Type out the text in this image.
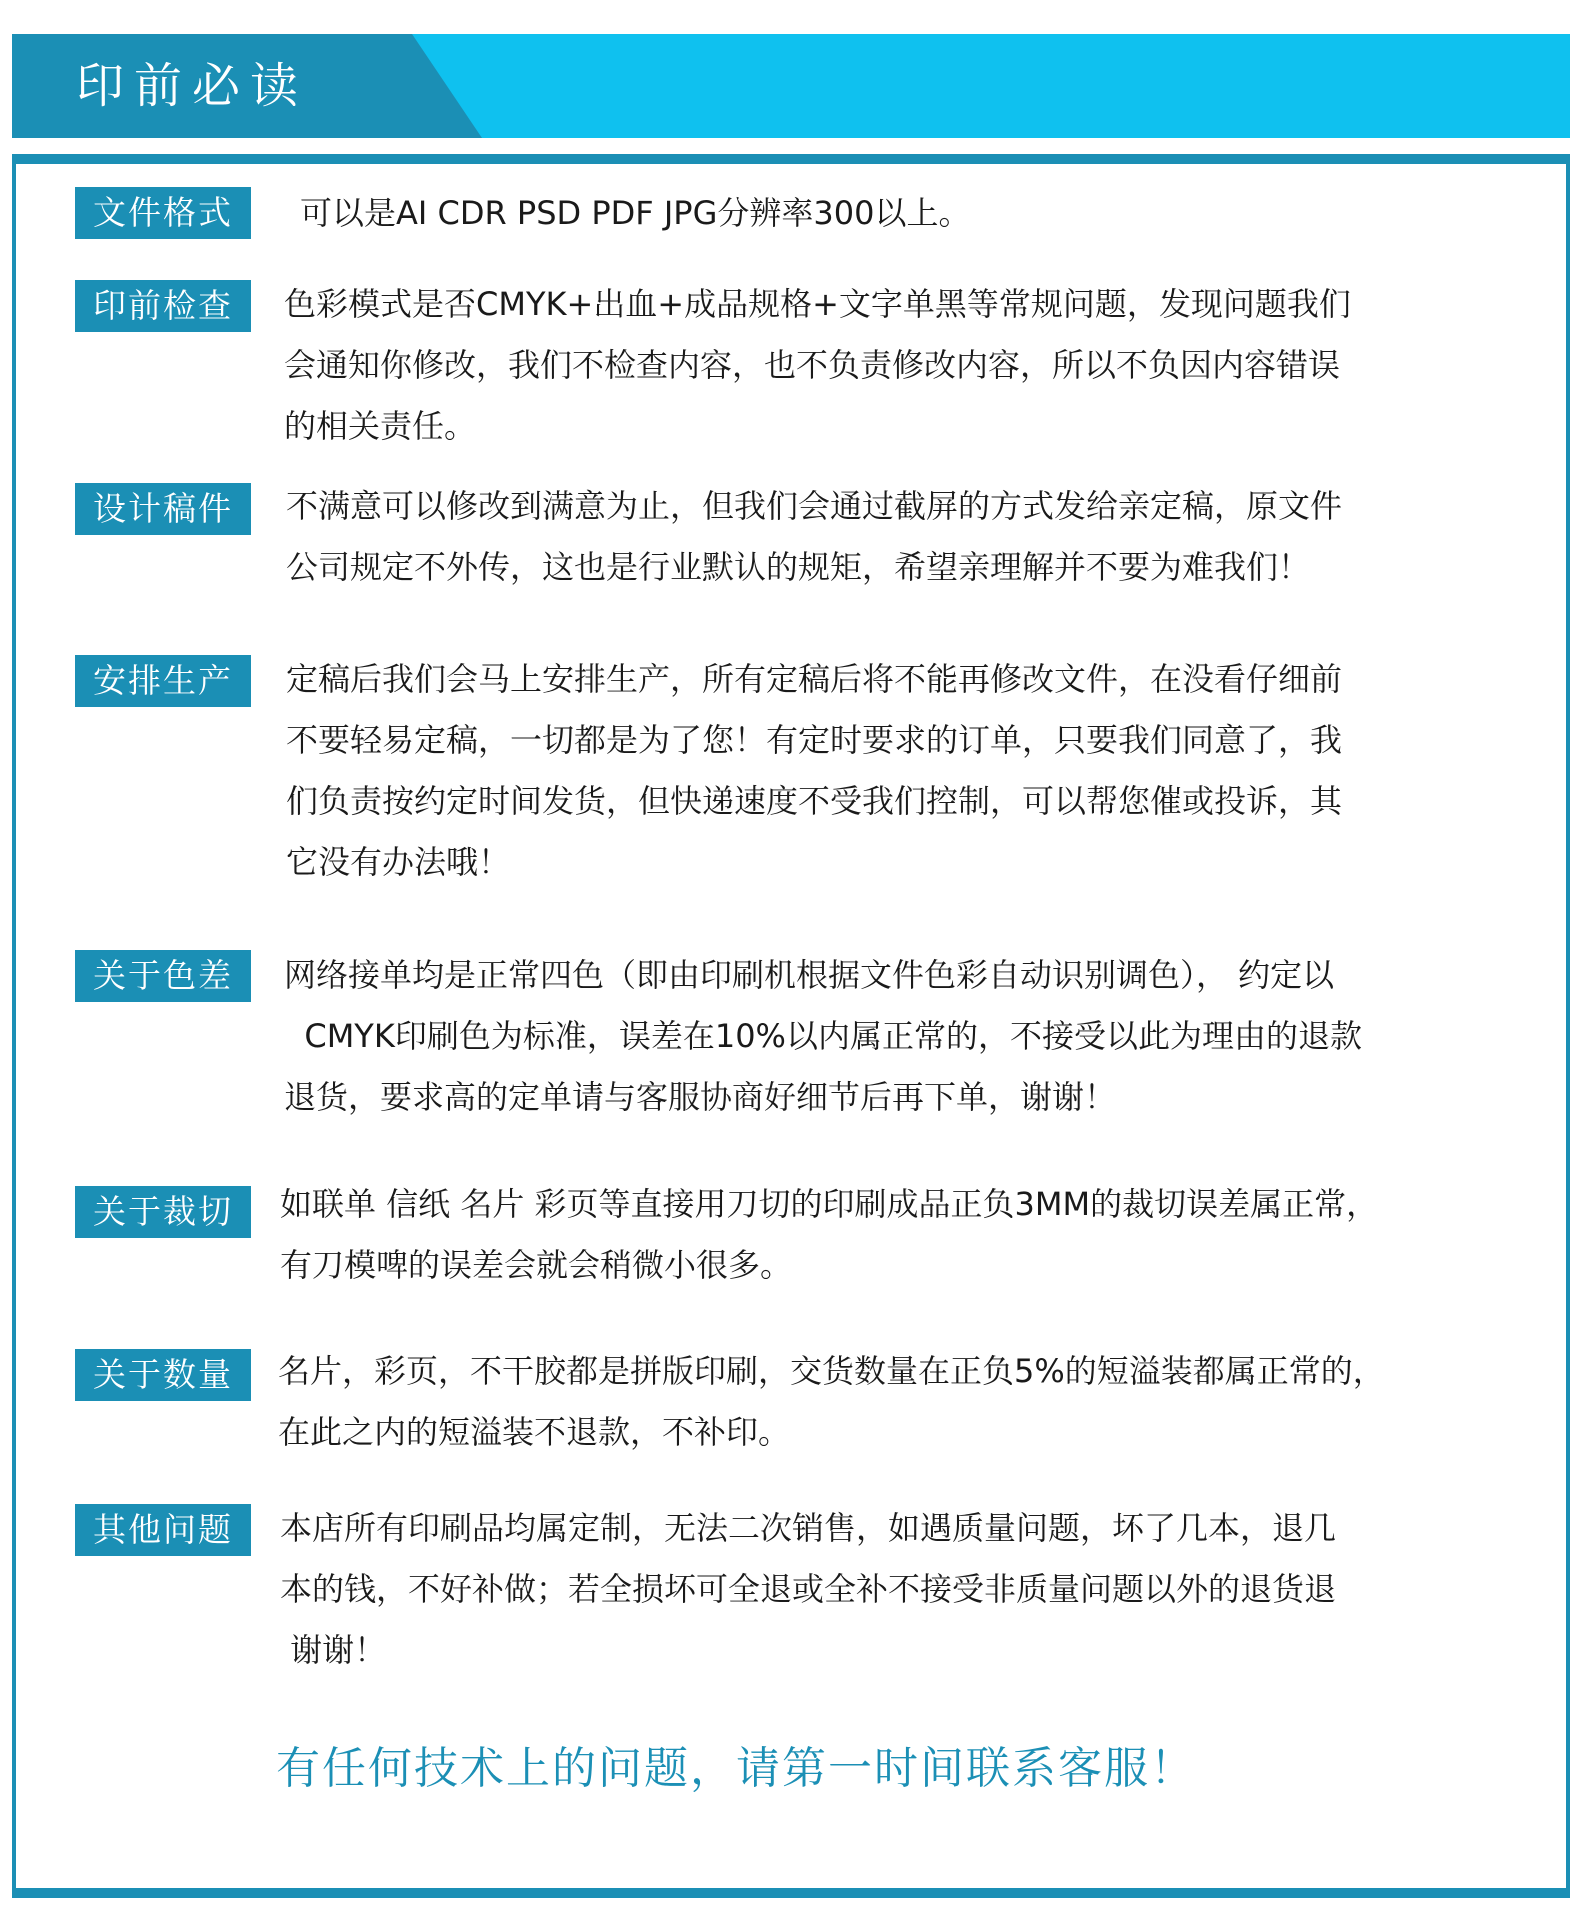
印前必读
文件格式	可以是AI CDR PSD PDF JPG分辨率300以上。
印前检查	色彩模式是否CMYK+出血+成品规格+文字单黑等常规问题，发现问题我们
会通知你修改，我们不检查内容，也不负责修改内容，所以不负因内容错误
的相关责任。
设计稿件	不满意可以修改到满意为止，但我们会通过截屏的方式发给亲定稿，原文件
公司规定不外传，这也是行业默认的规矩，希望亲理解并不要为难我们！
安排生产	定稿后我们会马上安排生产，所有定稿后将不能再修改文件，在没看仔细前
不要轻易定稿，一切都是为了您！有定时要求的订单，只要我们同意了，我
们负责按约定时间发货，但快递速度不受我们控制，可以帮您催或投诉，其
它没有办法哦！
关于色差	网络接单均是正常四色（即由印刷机根据文件色彩自动识别调色）， 约定以
CMYK印刷色为标准，误差在10%以内属正常的，不接受以此为理由的退款
退货，要求高的定单请与客服协商好细节后再下单，谢谢！
关于裁切	如联单 信纸 名片 彩页等直接用刀切的印刷成品正负3MM的裁切误差属正常，
有刀模啤的误差会就会稍微小很多。
关于数量	名片，彩页，不干胶都是拼版印刷，交货数量在正负5%的短溢装都属正常的，
在此之内的短溢装不退款，不补印。
其他问题	本店所有印刷品均属定制，无法二次销售，如遇质量问题，坏了几本，退几
本的钱，不好补做；若全损坏可全退或全补不接受非质量问题以外的退货退
谢谢！
有任何技术上的问题，请第一时间联系客服！
